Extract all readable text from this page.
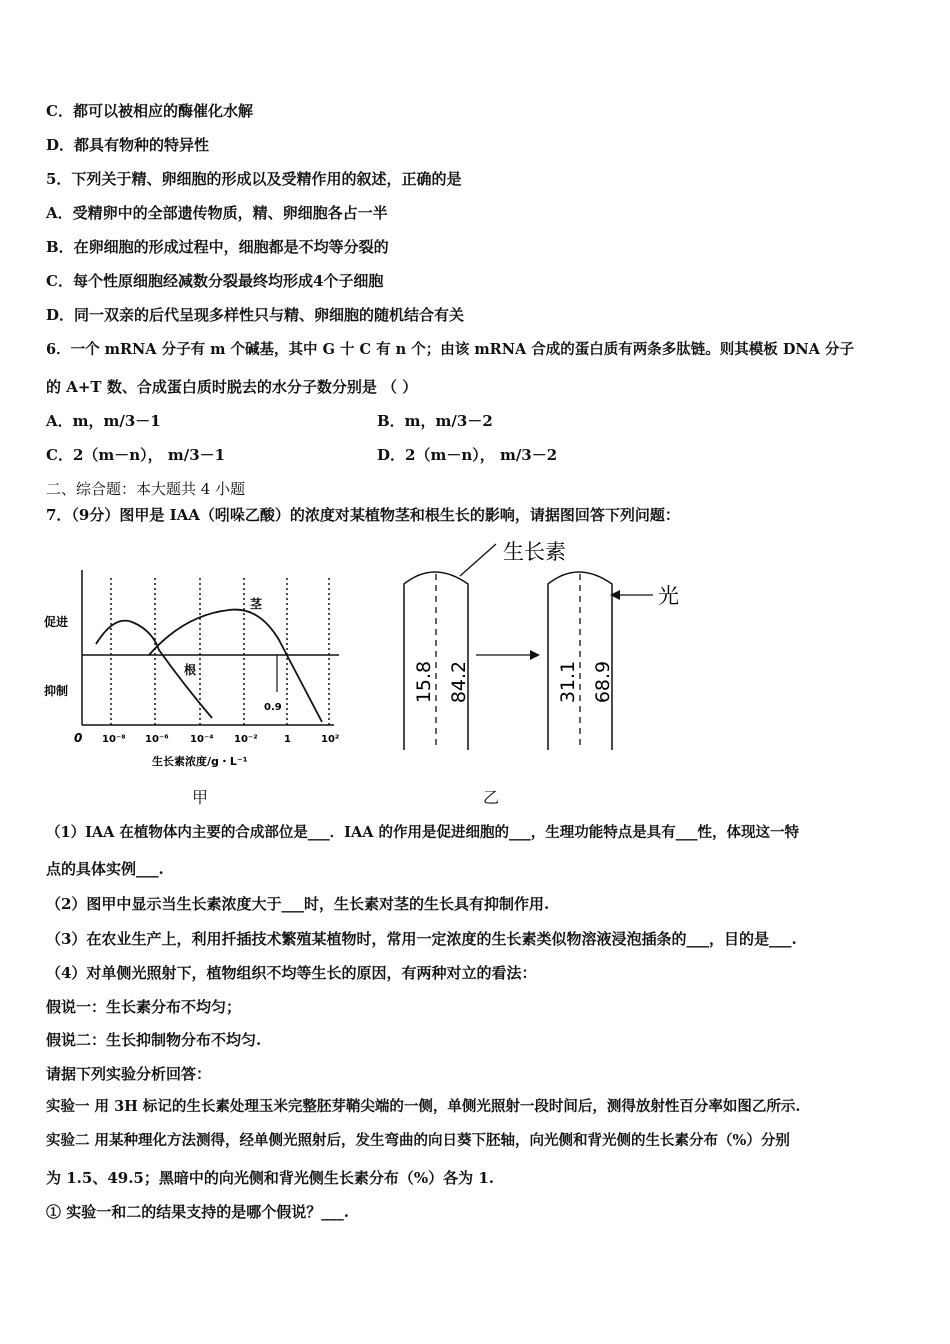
C．都可以被相应的酶催化水解
D．都具有物种的特异性
5．下列关于精、卵细胞的形成以及受精作用的叙述，正确的是
A．受精卵中的全部遗传物质，精、卵细胞各占一半
B．在卵细胞的形成过程中，细胞都是不均等分裂的
C．每个性原细胞经减数分裂最终均形成4个子细胞
D．同一双亲的后代呈现多样性只与精、卵细胞的随机结合有关
6．一个 mRNA 分子有 m 个碱基，其中 G 十 C 有 n 个；由该 mRNA 合成的蛋白质有两条多肽链。则其模板 DNA 分子
的 A+T 数、合成蛋白质时脱去的水分子数分别是 （ ）
A．m，m/3－1	B．m，m/3－2
C．2（m－n）， m/3－1	D．2（m－n）， m/3－2
二、综合题：本大题共 4 小题
7．（9分）图甲是 IAA（吲哚乙酸）的浓度对某植物茎和根生长的影响，请据图回答下列问题：
促进
抑制
0 10⁻⁸ 10⁻⁶ 10⁻⁴ 10⁻²	1	10²
生长素浓度/g・L⁻¹
茎
根
0.9
甲
生长素
15.8 84.2
光
31.1 68.9
乙
（1）IAA 在植物体内主要的合成部位是___．IAA 的作用是促进细胞的___，生理功能特点是具有___性，体现这一特
点的具体实例___.
（2）图甲中显示当生长素浓度大于___时，生长素对茎的生长具有抑制作用.
（3）在农业生产上，利用扦插技术繁殖某植物时，常用一定浓度的生长素类似物溶液浸泡插条的___，目的是___.
（4）对单侧光照射下，植物组织不均等生长的原因，有两种对立的看法：
假说一：生长素分布不均匀；
假说二：生长抑制物分布不均匀.
请据下列实验分析回答：
实验一 用 3H 标记的生长素处理玉米完整胚芽鞘尖端的一侧，单侧光照射一段时间后，测得放射性百分率如图乙所示.
实验二 用某种理化方法测得，经单侧光照射后，发生弯曲的向日葵下胚轴，向光侧和背光侧的生长素分布（%）分别
为 1.5、49.5；黑暗中的向光侧和背光侧生长素分布（%）各为 1.
① 实验一和二的结果支持的是哪个假说？___.
